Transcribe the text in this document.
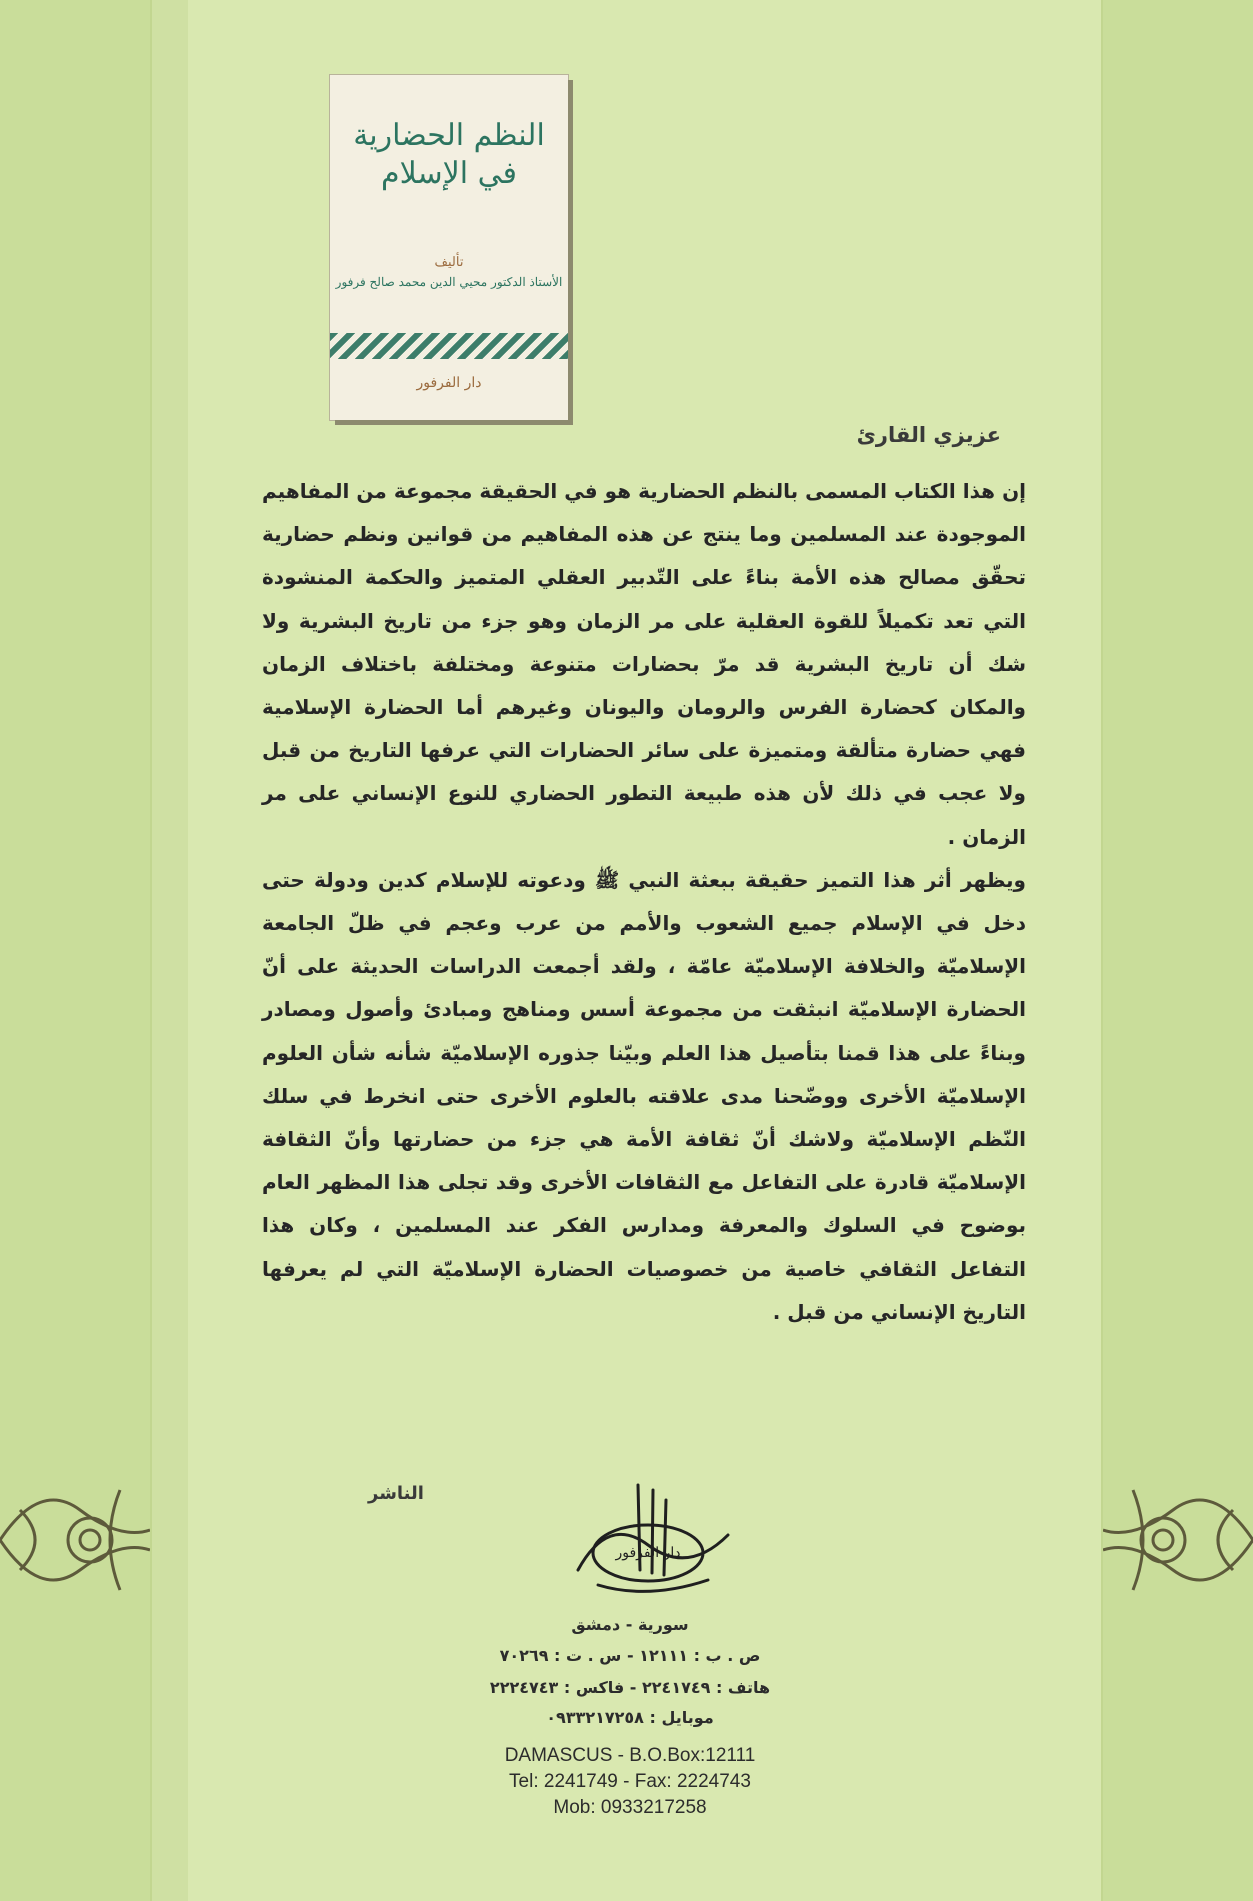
النظم الحضارية في الإسلام
تأليف
الأستاذ الدكتور محيي الدين محمد صالح فرفور
دار الفرفور
عزيزي القارئ

إن هذا الكتاب المسمى بالنظم الحضارية هو في الحقيقة مجموعة من المفاهيم الموجودة عند المسلمين وما ينتج عن هذه المفاهيم من قوانين ونظم حضارية تحقّق مصالح هذه الأمة بناءً على التّدبير العقلي المتميز والحكمة المنشودة التي تعد تكميلاً للقوة العقلية على مر الزمان وهو جزء من تاريخ البشرية ولا شك أن تاريخ البشرية قد مرّ بحضارات متنوعة ومختلفة باختلاف الزمان والمكان كحضارة الفرس والرومان واليونان وغيرهم أما الحضارة الإسلامية فهي حضارة متألقة ومتميزة على سائر الحضارات التي عرفها التاريخ من قبل ولا عجب في ذلك لأن هذه طبيعة التطور الحضاري للنوع الإنساني على مر الزمان .

ويظهر أثر هذا التميز حقيقة ببعثة النبي ﷺ ودعوته للإسلام كدين ودولة حتى دخل في الإسلام جميع الشعوب والأمم من عرب وعجم في ظلّ الجامعة الإسلاميّة والخلافة الإسلاميّة عامّة ، ولقد أجمعت الدراسات الحديثة على أنّ الحضارة الإسلاميّة انبثقت من مجموعة أسس ومناهج ومبادئ وأصول ومصادر وبناءً على هذا قمنا بتأصيل هذا العلم وبيّنا جذوره الإسلاميّة شأنه شأن العلوم الإسلاميّة الأخرى ووضّحنا مدى علاقته بالعلوم الأخرى حتى انخرط في سلك النّظم الإسلاميّة ولاشك أنّ ثقافة الأمة هي جزء من حضارتها وأنّ الثقافة الإسلاميّة قادرة على التفاعل مع الثقافات الأخرى وقد تجلى هذا المظهر العام بوضوح في السلوك والمعرفة ومدارس الفكر عند المسلمين ، وكان هذا التفاعل الثقافي خاصية من خصوصيات الحضارة الإسلاميّة التي لم يعرفها التاريخ الإنساني من قبل .

الناشر
دار الفرفور
سورية - دمشق
ص . ب : ١٢١١١ - س . ت : ٧٠٢٦٩
هاتف : ٢٢٤١٧٤٩ - فاكس : ٢٢٢٤٧٤٣
موبايل : ٠٩٣٣٢١٧٢٥٨
DAMASCUS - B.O.Box:12111
Tel: 2241749 - Fax: 2224743
Mob: 0933217258
